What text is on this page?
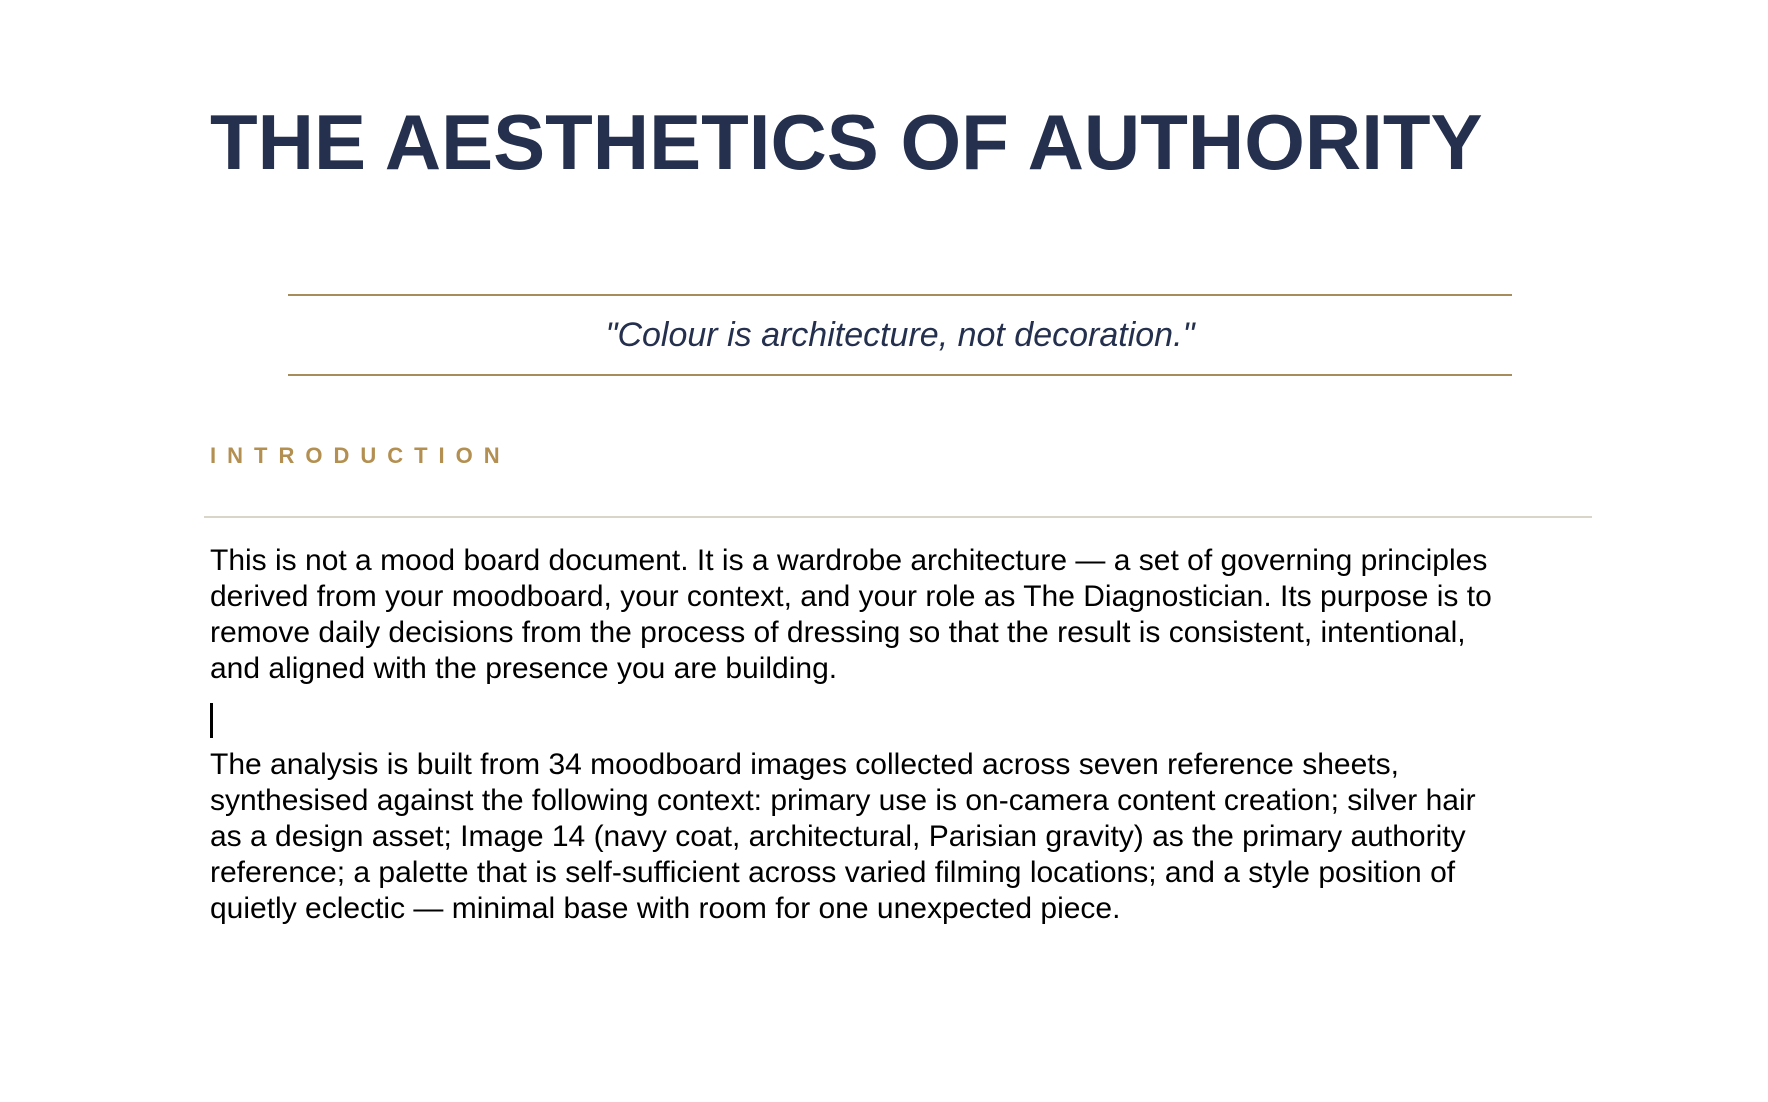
THE AESTHETICS OF AUTHORITY
"Colour is architecture, not decoration."
INTRODUCTION
This is not a mood board document. It is a wardrobe architecture — a set of governing principles
derived from your moodboard, your context, and your role as The Diagnostician. Its purpose is to
remove daily decisions from the process of dressing so that the result is consistent, intentional,
and aligned with the presence you are building.
The analysis is built from 34 moodboard images collected across seven reference sheets,
synthesised against the following context: primary use is on-camera content creation; silver hair
as a design asset; Image 14 (navy coat, architectural, Parisian gravity) as the primary authority
reference; a palette that is self-sufficient across varied filming locations; and a style position of
quietly eclectic — minimal base with room for one unexpected piece.
